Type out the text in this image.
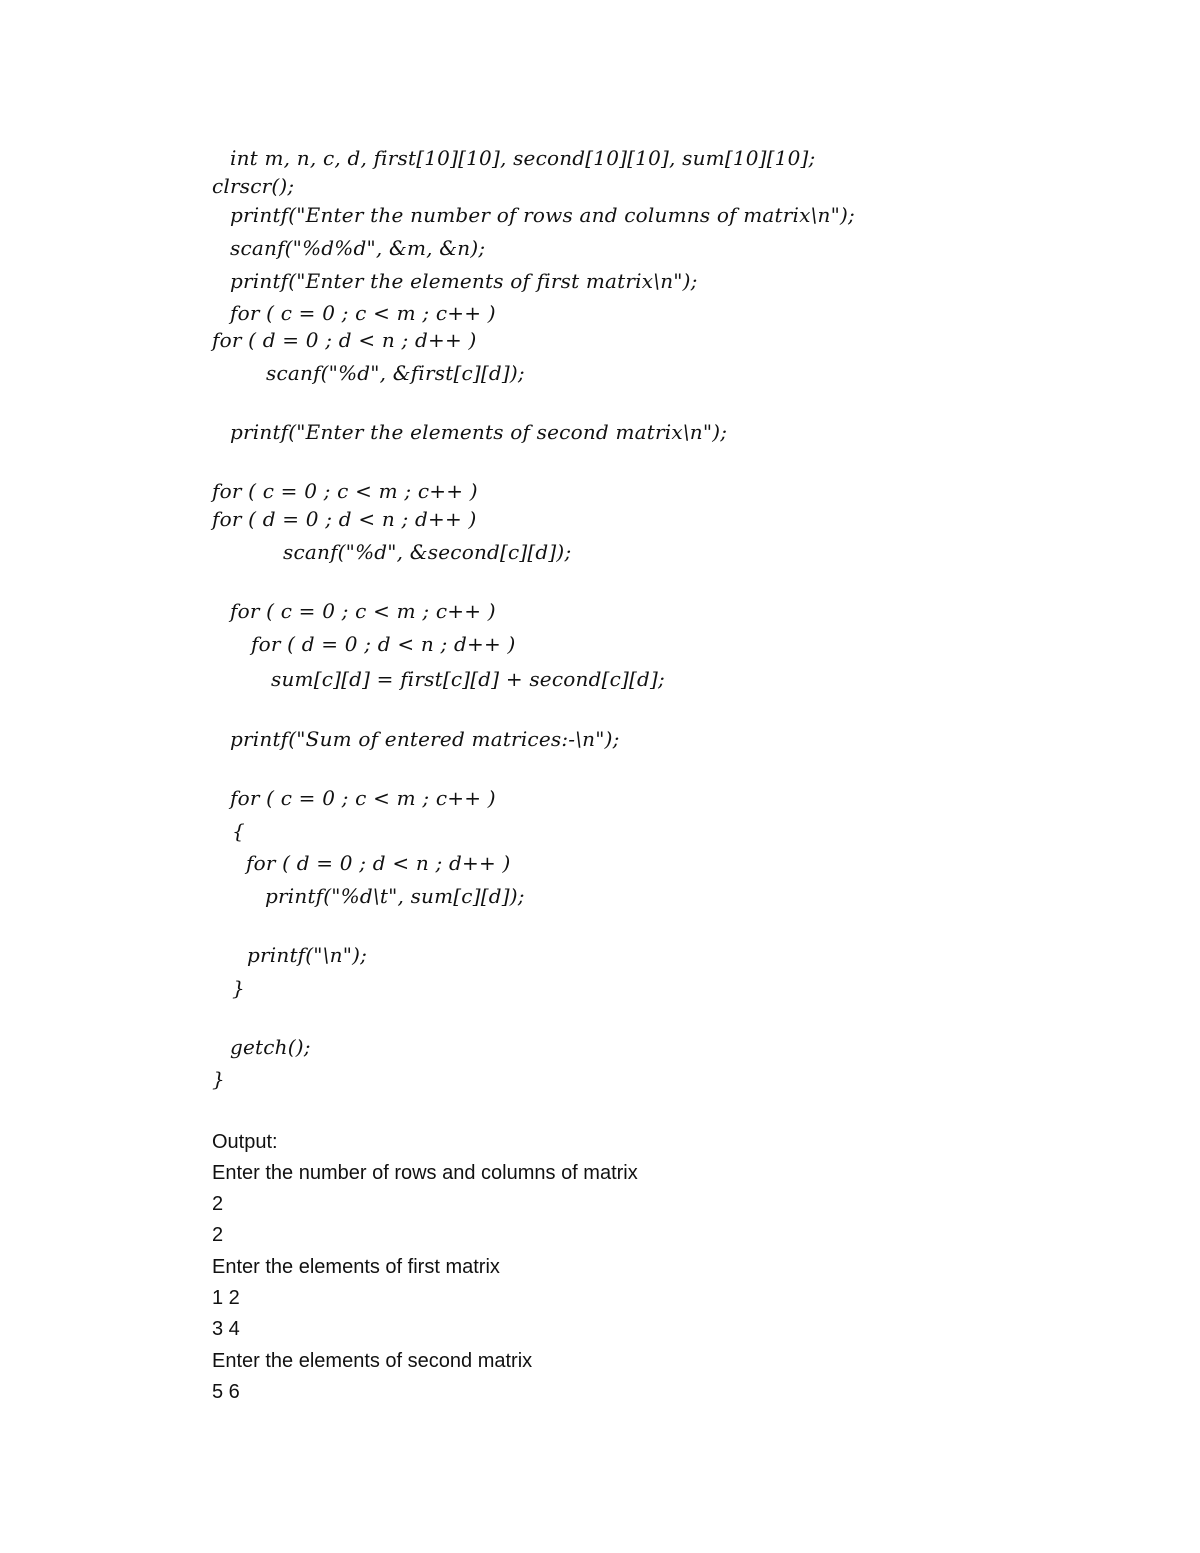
int m, n, c, d, first[10][10], second[10][10], sum[10][10];
clrscr();
printf("Enter the number of rows and columns of matrix\n");
scanf("%d%d", &m, &n);
printf("Enter the elements of first matrix\n");
for ( c = 0 ; c < m ; c++ )
for ( d = 0 ; d < n ; d++ )
scanf("%d", &first[c][d]);
printf("Enter the elements of second matrix\n");
for ( c = 0 ; c < m ; c++ )
for ( d = 0 ; d < n ; d++ )
scanf("%d", &second[c][d]);
for ( c = 0 ; c < m ; c++ )
for ( d = 0 ; d < n ; d++ )
sum[c][d] = first[c][d] + second[c][d];
printf("Sum of entered matrices:-\n");
for ( c = 0 ; c < m ; c++ )
{
for ( d = 0 ; d < n ; d++ )
printf("%d\t", sum[c][d]);
printf("\n");
}
getch();
}
Output:
Enter the number of rows and columns of matrix
2
2
Enter the elements of first matrix
1 2
3 4
Enter the elements of second matrix
5 6
